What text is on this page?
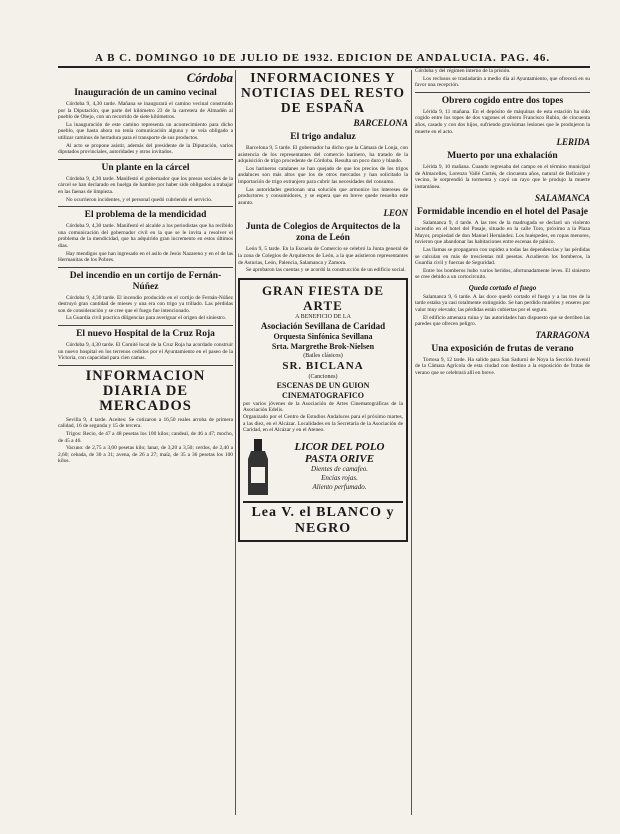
A B C. DOMINGO 10 DE JULIO DE 1932. EDICION DE ANDALUCIA. PAG. 46.
Córdoba
Inauguración de un camino vecinal

Córdoba 9, 4,30 tarde. Mañana se inaugurará el camino vecinal construido por la Diputación, que parte del kilómetro 23 de la carretera de Almadén al pueblo de Obejo, con un recorrido de siete kilómetros.

La inauguración de este camino representa un acontecimiento para dicho pueblo, que hasta ahora no tenía comunicación alguna y se veía obligado a utilizar caminos de herradura para el transporte de sus productos.

Al acto se propone asistir, además del presidente de la Diputación, varios diputados provinciales, autoridades y otros invitados.

Un plante en la cárcel

Córdoba 9, 4,30 tarde. Manifestó el gobernador que los presos sociales de la cárcel se han declarado en huelga de hambre por haber sido obligados a trabajar en las faenas de limpieza.

No ocurrieron incidentes, y el personal quedó cubriendo el servicio.

El problema de la mendicidad

Córdoba 9, 4,30 tarde. Manifestó el alcalde a los periodistas que ha recibido una comunicación del gobernador civil en la que se le invita a resolver el problema de la mendicidad, que ha adquirido gran incremento en estos últimos días.

Hay mendigos que han ingresado en el asilo de Jesús Nazareno y en el de las Hermanitas de los Pobres.

Del incendio en un cortijo de Fernán-Núñez

Córdoba 9, 4,30 tarde. El incendio producido en el cortijo de Fernán-Núñez destruyó gran cantidad de mieses y una era con trigo ya trillado. Las pérdidas son de consideración y se cree que el fuego fue intencionado.

La Guardia civil practica diligencias para averiguar el origen del siniestro.

El nuevo Hospital de la Cruz Roja

Córdoba 9, 4,30 tarde. El Comité local de la Cruz Roja ha acordado construir un nuevo hospital en los terrenos cedidos por el Ayuntamiento en el paseo de la Victoria, con capacidad para cien camas.

INFORMACION DIARIA DE MERCADOS

Sevilla 9, 4 tarde. Aceites: Se cotizaron a 16,50 reales arroba de primera calidad, 16 de segunda y 15 de tercera.

Trigos: Recio, de 47 a 48 pesetas los 100 kilos; candeal, de 46 a 47; mocho, de 45 a 46.

Vacuno: de 2,75 a 3,00 pesetas kilo; lanar, de 3,20 a 3,50; cerdos, de 2,40 a 2,60; cebada, de 30 a 31; avena, de 26 a 27; maíz, de 35 a 36 pesetas los 100 kilos.

INFORMACIONES Y NOTICIAS DEL RESTO DE ESPAÑA
BARCELONA
El trigo andaluz

Barcelona 9, 5 tarde. El gobernador ha dicho que la Cámara de Lonja, con asistencia de los representantes del comercio harinero, ha tratado de la adquisición de trigo procedente de Córdoba. Resulta un poco duro y blando.

Los harineros catalanes se han quejado de que los precios de los trigos andaluces son más altos que los de otros mercados y han solicitado la importación de trigo extranjero para cubrir las necesidades del consumo.

Las autoridades gestionan una solución que armonice los intereses de productores y consumidores, y se espera que en breve quede resuelto este asunto.

LEON
Junta de Colegios de Arquitectos de la zona de León

León 9, 5 tarde. En la Escuela de Comercio se celebró la Junta general de la zona de Colegios de Arquitectos de León, a la que asistieron representantes de Asturias, León, Palencia, Salamanca y Zamora.

Se aprobaron las cuentas y se acordó la construcción de un edificio social.

GRAN FIESTA DE ARTE
A BENEFICIO DE LA
Asociación Sevillana de Caridad
Orquesta Sinfónica Sevillana
Srta. Margrethe Brok-Nielsen
(Bailes clásicos)
SR. BICLANA
(Canciones)
ESCENAS DE UN GUION CINEMATOGRAFICO
por varios jóvenes de la Asociación de Artes Cinematográficas de la Asociación Edelis.
Organizado por el Centro de Estudios Andaluces para el próximo martes, a las diez, en el Alcázar. Localidades en la Secretaría de la Asociación de Caridad, en el Alcázar y en el Ateneo.
LICOR DEL POLO
PASTA ORIVE
Dientes de camafeo.
Encías rojas.
Aliento perfumado.
Lea V. el BLANCO y NEGRO

Córdoba y del régimen interno de la prisión.

Los reclusos se trasladarán a medio día al Ayuntamiento, que ofrecerá en su favor una recepción.

Obrero cogido entre dos topes

Lérida 9, 11 mañana. En el depósito de máquinas de esta estación ha sido cogido entre los topes de dos vagones el obrero Francisco Rubio, de cincuenta años, casado y con dos hijos, sufriendo gravísimas lesiones que le produjeron la muerte en el acto.

LERIDA
Muerto por una exhalación

Lérida 9, 10 mañana. Cuando regresaba del campo en el término municipal de Almacelles, Lorenzo Vallé Cortés, de cincuenta años, natural de Bellcaire y vecino, le sorprendió la tormenta y cayó un rayo que le produjo la muerte instantánea.

SALAMANCA
Formidable incendio en el hotel del Pasaje

Salamanca 9, 4 tarde. A las tres de la madrugada se declaró un violento incendio en el hotel del Pasaje, situado en la calle Toro, próximo a la Plaza Mayor, propiedad de don Manuel Hernández. Los huéspedes, en ropas menores, tuvieron que abandonar las habitaciones entre escenas de pánico.

Las llamas se propagaron con rapidez a todas las dependencias y las pérdidas se calculan en más de trescientas mil pesetas. Acudieron los bomberos, la Guardia civil y fuerzas de Seguridad.

Entre los bomberos hubo varios heridos, afortunadamente leves. El siniestro se cree debido a un cortocircuito.

Queda cortado el fuego

Salamanca 9, 6 tarde. A las doce quedó cortado el fuego y a las tres de la tarde estaba ya casi totalmente extinguido. Se han perdido muebles y enseres por valor muy elevado; las pérdidas están cubiertas por el seguro.

El edificio amenaza ruina y las autoridades han dispuesto que se derriben las paredes que ofrecen peligro.

TARRAGONA
Una exposición de frutas de verano

Tortosa 9, 12 tarde. Ha salido para San Sadurní de Noya la Sección Juvenil de la Cámara Agrícola de esta ciudad con destino a la exposición de frutas de verano que se celebrará allí en breve.
